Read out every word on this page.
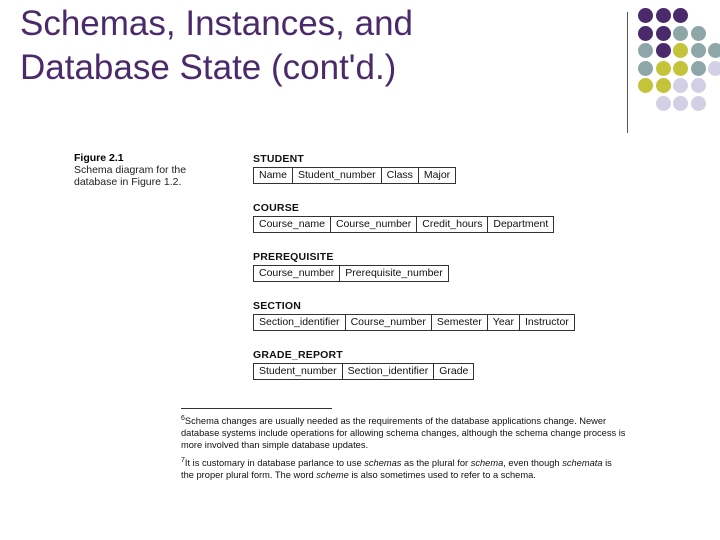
Schemas, Instances, and
Database State (cont'd.)
Figure 2.1
Schema diagram for the
database in Figure 1.2.
STUDENT
Name	Student_number	Class	Major
COURSE
Course_name	Course_number	Credit_hours	Department
PREREQUISITE
Course_number	Prerequisite_number
SECTION
Section_identifier	Course_number	Semester	Year	Instructor
GRADE_REPORT
Student_number	Section_identifier	Grade

$^6$Schema changes are usually needed as the requirements of the database applications change. Newer database systems include operations for allowing schema changes, although the schema change process is more involved than simple database updates.

$^7$It is customary in database parlance to use schemas as the plural for schema, even though schemata is the proper plural form. The word scheme is also sometimes used to refer to a schema.
